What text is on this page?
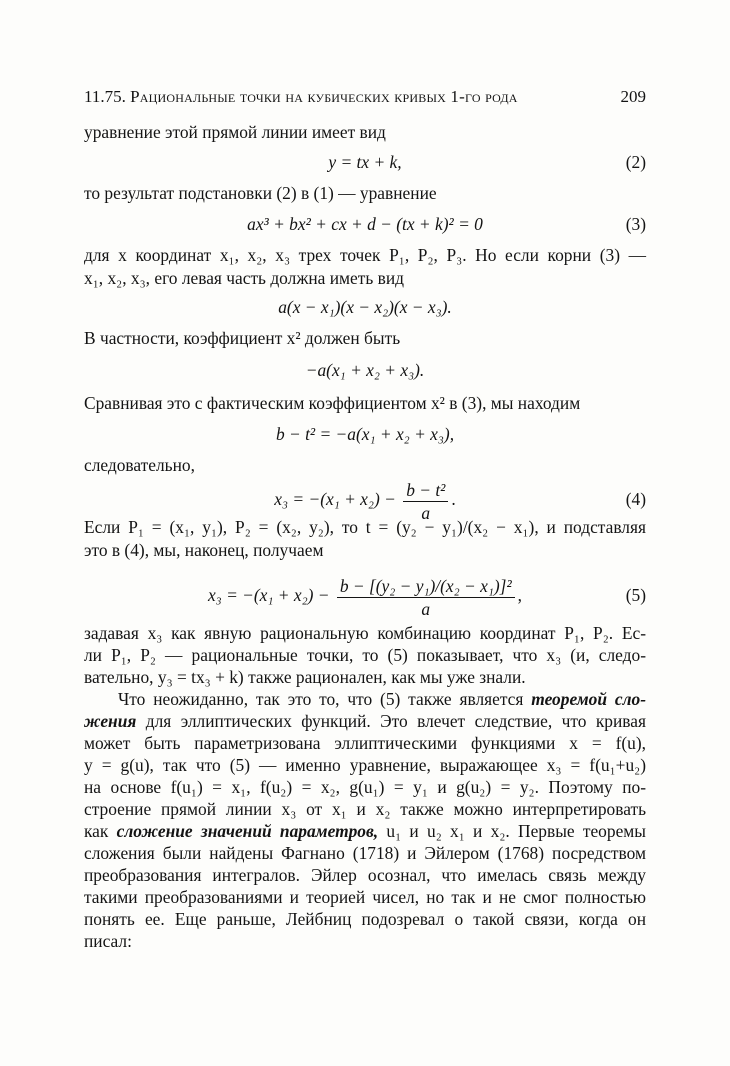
11.75. Рациональные точки на кубических кривых 1-го рода	209
уравнение этой прямой линии имеет вид
y = tx + k,	(2)
то результат подстановки (2) в (1) — уравнение
ax³ + bx² + cx + d − (tx + k)² = 0	(3)
для x координат x₁, x₂, x₃ трех точек P₁, P₂, P₃. Но если корни (3) —
x₁, x₂, x₃, его левая часть должна иметь вид
a(x − x₁)(x − x₂)(x − x₃).
В частности, коэффициент x² должен быть
−a(x₁ + x₂ + x₃).
Сравнивая это с фактическим коэффициентом x² в (3), мы находим
b − t² = −a(x₁ + x₂ + x₃),
следовательно,
$x_3 = -(x_1 + x_2) - \frac{\text{b − t²}}{a}$ .	(4)
Если P₁ = (x₁, y₁), P₂ = (x₂, y₂), то t = (y₂ − y₁)/(x₂ − x₁), и подставляя
это в (4), мы, наконец, получаем
$x_3 = -(x_1 + x_2) - \frac{\text{b − [(y₂ − y₁)/(x₂ − x₁)]²}}{a}$ ,	(5)
задавая x₃ как явную рациональную комбинацию координат P₁, P₂. Ес-
ли P₁, P₂ — рациональные точки, то (5) показывает, что x₃ (и, следо-
вательно, y₃ = tx₃ + k) также рационален, как мы уже знали.
Что неожиданно, так это то, что (5) также является теоремой сло-
жения для эллиптических функций. Это влечет следствие, что кривая
может быть параметризована эллиптическими функциями x = f(u),
y = g(u), так что (5) — именно уравнение, выражающее x₃ = f(u₁+u₂)
на основе f(u₁) = x₁, f(u₂) = x₂, g(u₁) = y₁ и g(u₂) = y₂. Поэтому по-
строение прямой линии x₃ от x₁ и x₂ также можно интерпретировать
как сложение значений параметров, u₁ и u₂ x₁ и x₂. Первые теоремы
сложения были найдены Фагнано (1718) и Эйлером (1768) посредством
преобразования интегралов. Эйлер осознал, что имелась связь между
такими преобразованиями и теорией чисел, но так и не смог полностью
понять ее. Еще раньше, Лейбниц подозревал о такой связи, когда он
писал:
